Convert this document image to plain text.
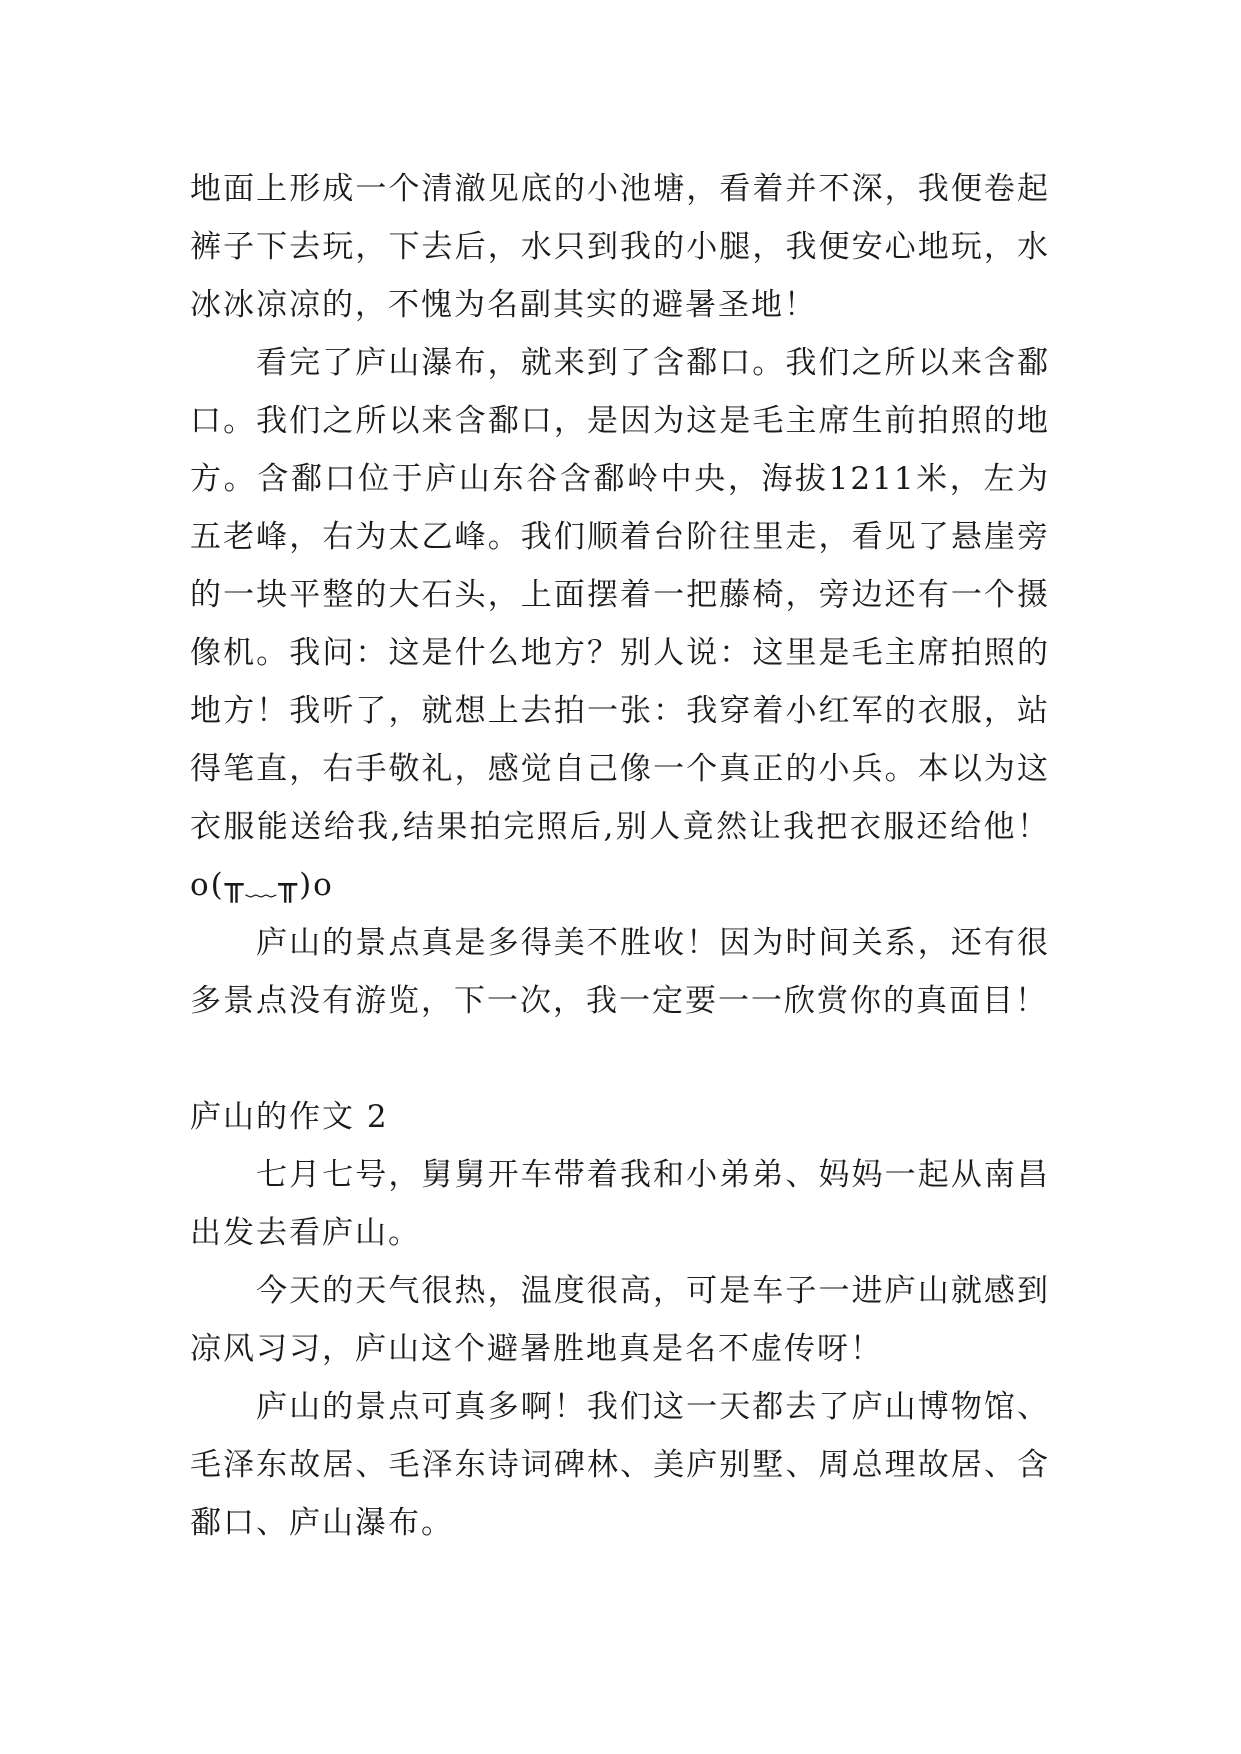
地面上形成一个清澈见底的小池塘，看着并不深，我便卷起裤子下去玩，下去后，水只到我的小腿，我便安心地玩，水冰冰凉凉的，不愧为名副其实的避暑圣地！

看完了庐山瀑布，就来到了含鄱口。我们之所以来含鄱口。我们之所以来含鄱口，是因为这是毛主席生前拍照的地方。含鄱口位于庐山东谷含鄱岭中央，海拔1211米，左为五老峰，右为太乙峰。我们顺着台阶往里走，看见了悬崖旁的一块平整的大石头，上面摆着一把藤椅，旁边还有一个摄像机。我问：这是什么地方？别人说：这里是毛主席拍照的地方！我听了，就想上去拍一张：我穿着小红军的衣服，站得笔直，右手敬礼，感觉自己像一个真正的小兵。本以为这衣服能送给我,结果拍完照后,别人竟然让我把衣服还给他！o(╥﹏╥)o

庐山的景点真是多得美不胜收！因为时间关系，还有很多景点没有游览，下一次，我一定要一一欣赏你的真面目！

庐山的作文 2

七月七号，舅舅开车带着我和小弟弟、妈妈一起从南昌出发去看庐山。

今天的天气很热，温度很高，可是车子一进庐山就感到凉风习习，庐山这个避暑胜地真是名不虚传呀！

庐山的景点可真多啊！我们这一天都去了庐山博物馆、毛泽东故居、毛泽东诗词碑林、美庐别墅、周总理故居、含鄱口、庐山瀑布。
